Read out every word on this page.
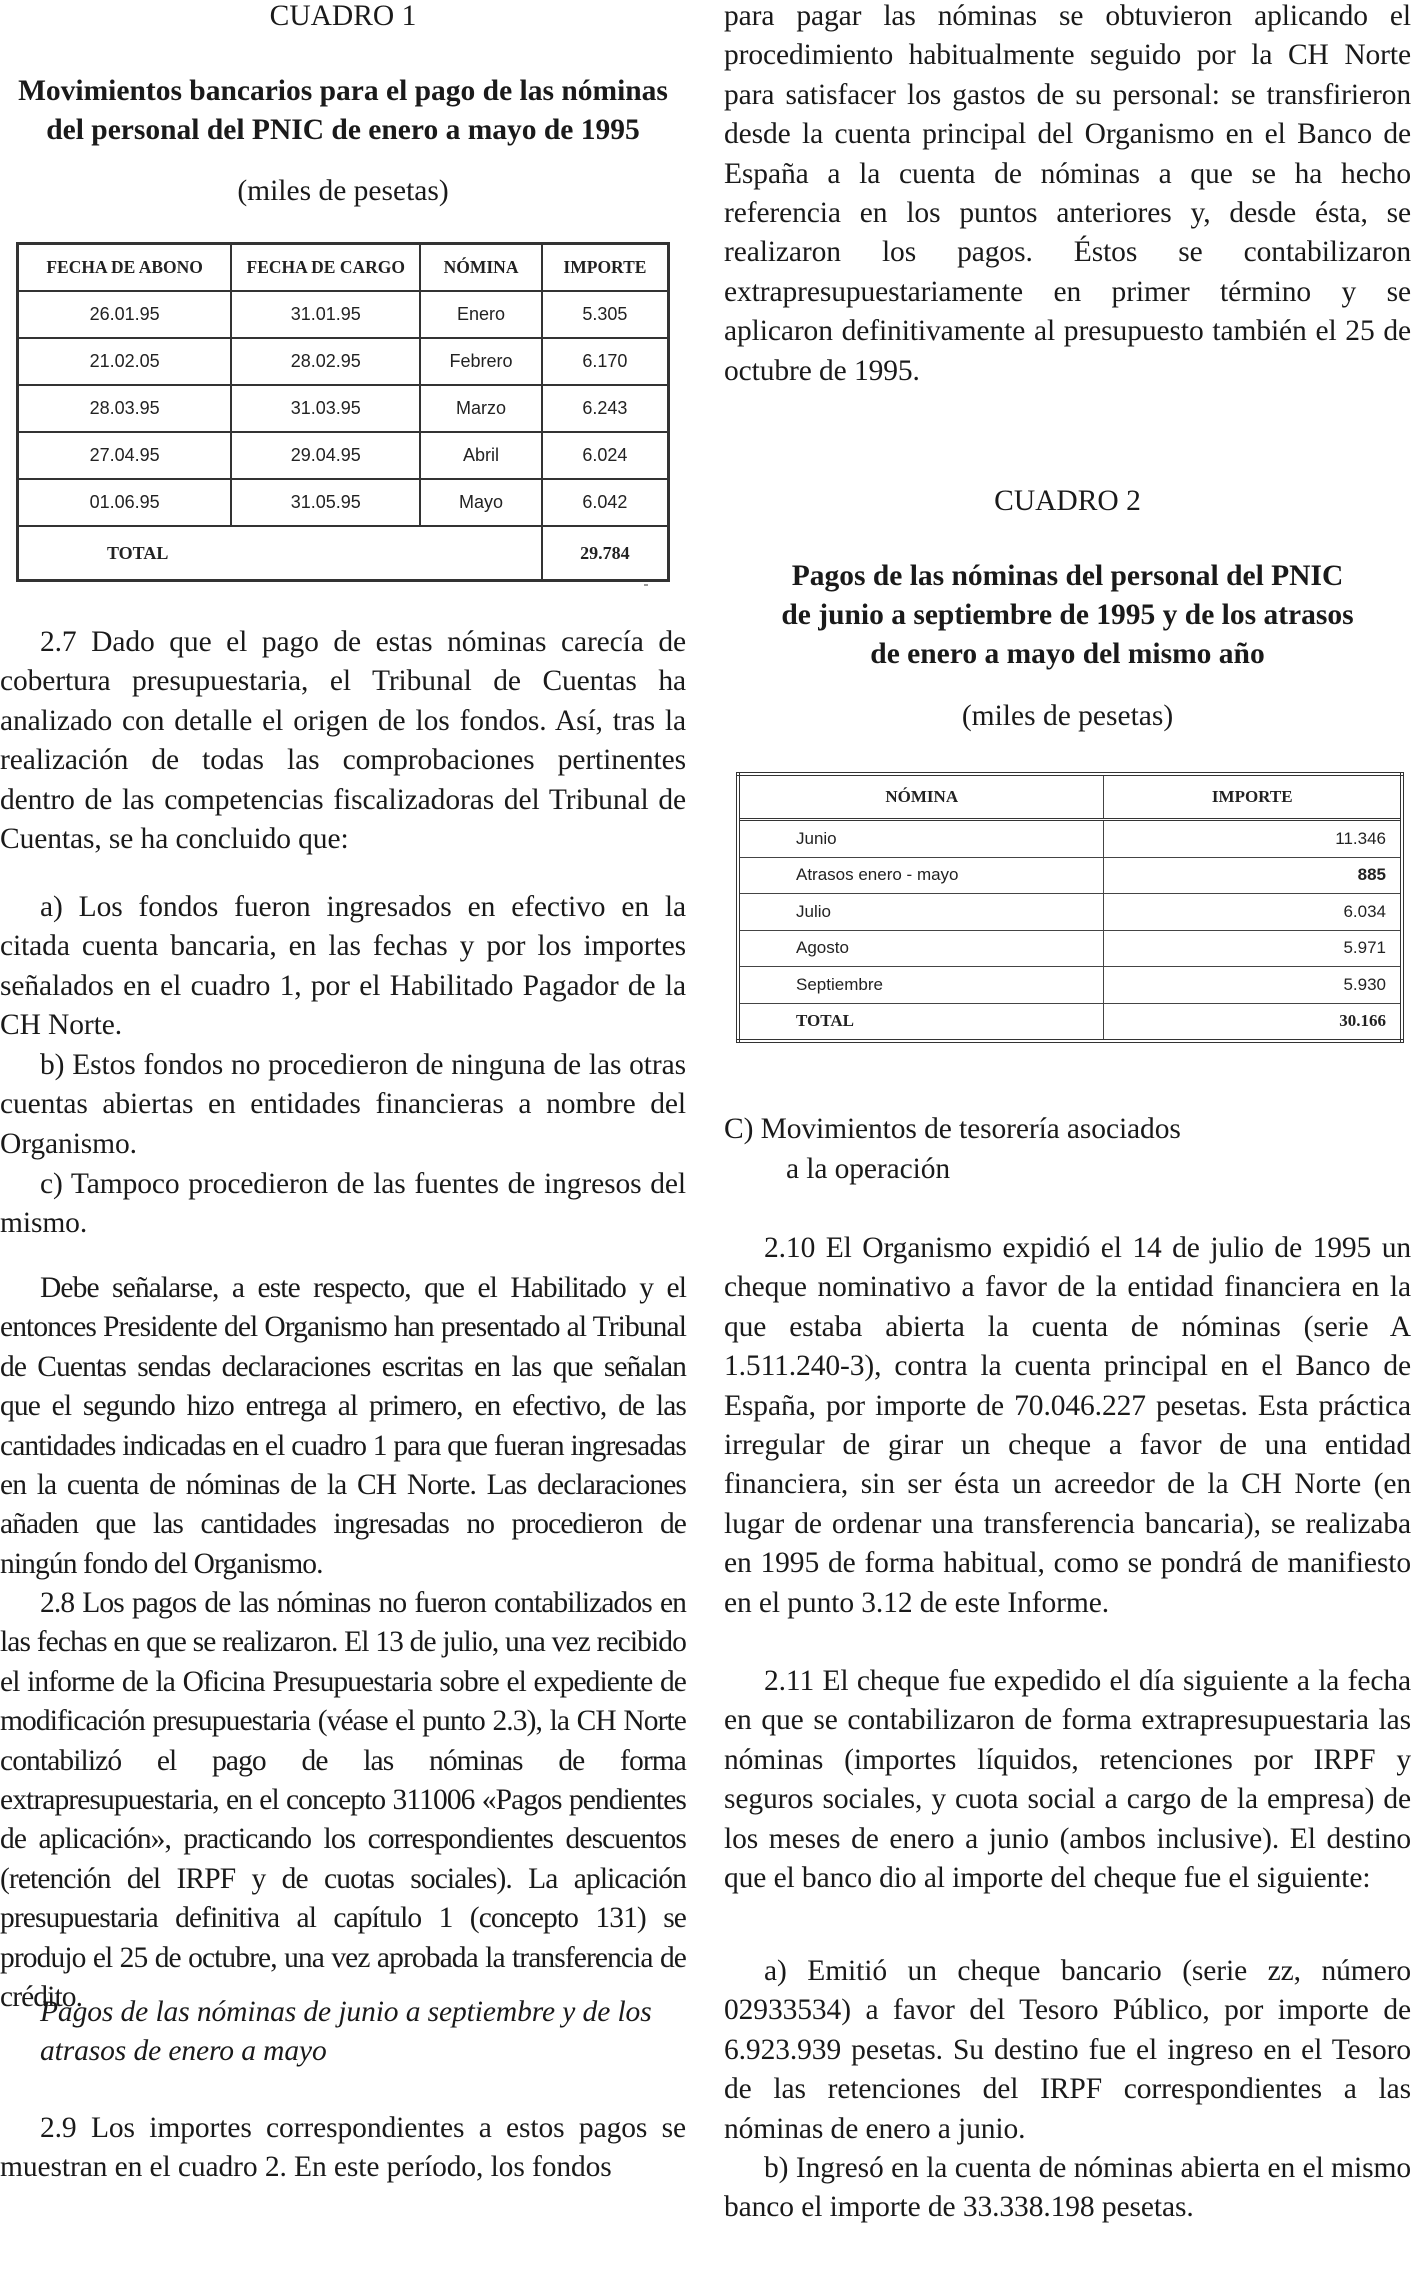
CUADRO 1

Movimientos bancarios para el pago de las nóminas

del personal del PNIC de enero a mayo de 1995

(miles de pesetas)

FECHA DE ABONO	FECHA DE CARGO	NÓMINA	IMPORTE
26.01.95	31.01.95	Enero	5.305
21.02.05	28.02.95	Febrero	6.170
28.03.95	31.03.95	Marzo	6.243
27.04.95	29.04.95	Abril	6.024
01.06.95	31.05.95	Mayo	6.042
TOTAL			29.784

2.7 Dado que el pago de estas nóminas carecía de cobertura presupuestaria, el Tribunal de Cuentas ha analizado con detalle el origen de los fondos. Así, tras la realización de todas las comprobaciones pertinentes dentro de las competencias fiscalizadoras del Tribunal de Cuentas, se ha concluido que:

a) Los fondos fueron ingresados en efectivo en la citada cuenta bancaria, en las fechas y por los importes señalados en el cuadro 1, por el Habilitado Pagador de la CH Norte.

b) Estos fondos no procedieron de ninguna de las otras cuentas abiertas en entidades financieras a nombre del Organismo.

c) Tampoco procedieron de las fuentes de ingresos del mismo.

Debe señalarse, a este respecto, que el Habilitado y el entonces Presidente del Organismo han presentado al Tribunal de Cuentas sendas declaraciones escritas en las que señalan que el segundo hizo entrega al primero, en efectivo, de las cantidades indicadas en el cuadro 1 para que fueran ingresadas en la cuenta de nóminas de la CH Norte. Las declaraciones añaden que las cantidades ingresadas no procedieron de ningún fondo del Organismo.

2.8 Los pagos de las nóminas no fueron contabilizados en las fechas en que se realizaron. El 13 de julio, una vez recibido el informe de la Oficina Presupuestaria sobre el expediente de modificación presupuestaria (véase el punto 2.3), la CH Norte contabilizó el pago de las nóminas de forma extrapresupuestaria, en el concepto 311006 «Pagos pendientes de aplicación», practicando los correspondientes descuentos (retención del IRPF y de cuotas sociales). La aplicación presupuestaria definitiva al capítulo 1 (concepto 131) se produjo el 25 de octubre, una vez aprobada la transferencia de crédito.

Pagos de las nóminas de junio a septiembre y de los atrasos de enero a mayo

2.9 Los importes correspondientes a estos pagos se muestran en el cuadro 2. En este período, los fondos

para pagar las nóminas se obtuvieron aplicando el procedimiento habitualmente seguido por la CH Norte para satisfacer los gastos de su personal: se transfirieron desde la cuenta principal del Organismo en el Banco de España a la cuenta de nóminas a que se ha hecho referencia en los puntos anteriores y, desde ésta, se realizaron los pagos. Éstos se contabilizaron extrapresupuestariamente en primer término y se aplicaron definitivamente al presupuesto también el 25 de octubre de 1995.

CUADRO 2

Pagos de las nóminas del personal del PNIC

de junio a septiembre de 1995 y de los atrasos

de enero a mayo del mismo año

(miles de pesetas)

NÓMINA	IMPORTE
Junio	11.346
Atrasos enero - mayo	885
Julio	6.034
Agosto	5.971
Septiembre	5.930
TOTAL	30.166

C) Movimientos de tesorería asociados

a la operación

2.10 El Organismo expidió el 14 de julio de 1995 un cheque nominativo a favor de la entidad financiera en la que estaba abierta la cuenta de nóminas (serie A 1.511.240-3), contra la cuenta principal en el Banco de España, por importe de 70.046.227 pesetas. Esta práctica irregular de girar un cheque a favor de una entidad financiera, sin ser ésta un acreedor de la CH Norte (en lugar de ordenar una transferencia bancaria), se realizaba en 1995 de forma habitual, como se pondrá de manifiesto en el punto 3.12 de este Informe.

2.11 El cheque fue expedido el día siguiente a la fecha en que se contabilizaron de forma extrapresupuestaria las nóminas (importes líquidos, retenciones por IRPF y seguros sociales, y cuota social a cargo de la empresa) de los meses de enero a junio (ambos inclusive). El destino que el banco dio al importe del cheque fue el siguiente:

a) Emitió un cheque bancario (serie zz, número 02933534) a favor del Tesoro Público, por importe de 6.923.939 pesetas. Su destino fue el ingreso en el Tesoro de las retenciones del IRPF correspondientes a las nóminas de enero a junio.

b) Ingresó en la cuenta de nóminas abierta en el mismo banco el importe de 33.338.198 pesetas.
